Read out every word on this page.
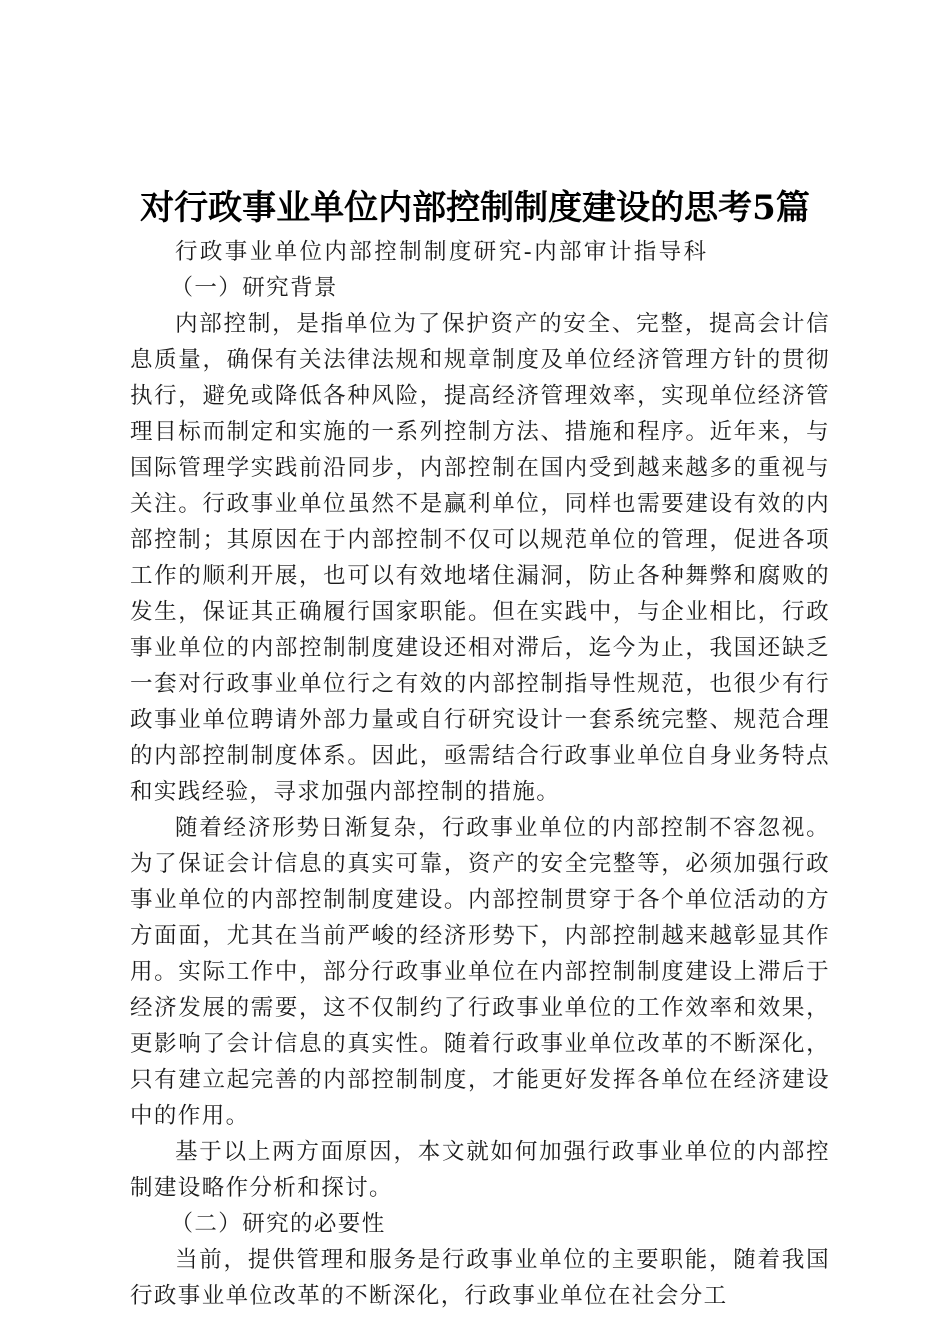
对行政事业单位内部控制制度建设的思考5篇

行政事业单位内部控制制度研究-内部审计指导科

（一）研究背景

内部控制，是指单位为了保护资产的安全、完整，提高会计信息质量，确保有关法律法规和规章制度及单位经济管理方针的贯彻执行，避免或降低各种风险，提高经济管理效率，实现单位经济管理目标而制定和实施的一系列控制方法、措施和程序。近年来，与国际管理学实践前沿同步，内部控制在国内受到越来越多的重视与关注。行政事业单位虽然不是赢利单位，同样也需要建设有效的内部控制；其原因在于内部控制不仅可以规范单位的管理，促进各项工作的顺利开展，也可以有效地堵住漏洞，防止各种舞弊和腐败的发生，保证其正确履行国家职能。但在实践中，与企业相比，行政事业单位的内部控制制度建设还相对滞后，迄今为止，我国还缺乏一套对行政事业单位行之有效的内部控制指导性规范，也很少有行政事业单位聘请外部力量或自行研究设计一套系统完整、规范合理的内部控制制度体系。因此，亟需结合行政事业单位自身业务特点和实践经验，寻求加强内部控制的措施。

随着经济形势日渐复杂，行政事业单位的内部控制不容忽视。为了保证会计信息的真实可靠，资产的安全完整等，必须加强行政事业单位的内部控制制度建设。内部控制贯穿于各个单位活动的方方面面，尤其在当前严峻的经济形势下，内部控制越来越彰显其作用。实际工作中，部分行政事业单位在内部控制制度建设上滞后于经济发展的需要，这不仅制约了行政事业单位的工作效率和效果，更影响了会计信息的真实性。随着行政事业单位改革的不断深化，只有建立起完善的内部控制制度，才能更好发挥各单位在经济建设中的作用。

基于以上两方面原因，本文就如何加强行政事业单位的内部控制建设略作分析和探讨。

（二）研究的必要性

当前，提供管理和服务是行政事业单位的主要职能，随着我国行政事业单位改革的不断深化，行政事业单位在社会分工
